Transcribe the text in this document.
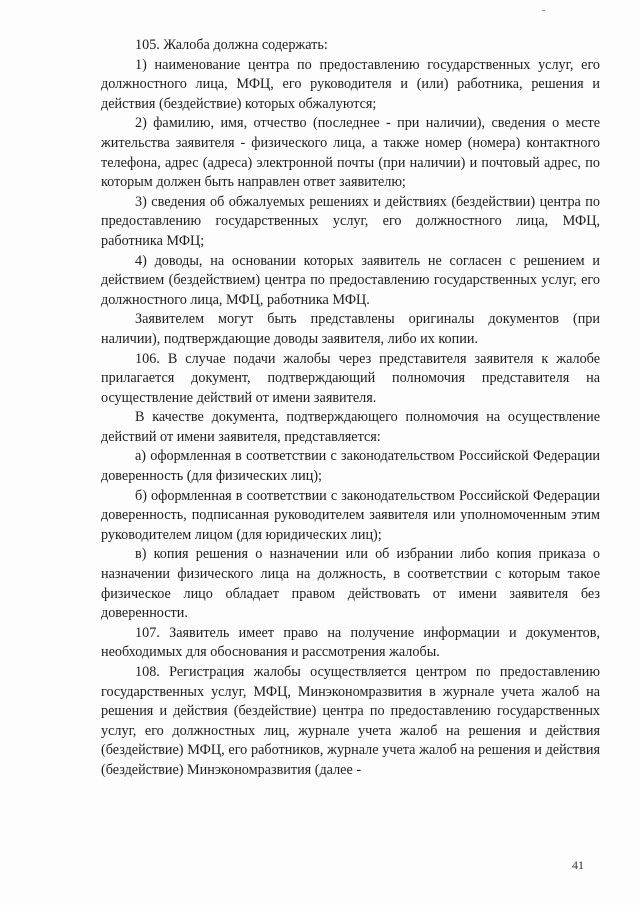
105. Жалоба должна содержать:

1) наименование центра по предоставлению государственных услуг, его должностного лица, МФЦ, его руководителя и (или) работника, решения и действия (бездействие) которых обжалуются;

2) фамилию, имя, отчество (последнее - при наличии), сведения о месте жительства заявителя - физического лица, а также номер (номера) контактного телефона, адрес (адреса) электронной почты (при наличии) и почтовый адрес, по которым должен быть направлен ответ заявителю;

3) сведения об обжалуемых решениях и действиях (бездействии) центра по предоставлению государственных услуг, его должностного лица, МФЦ, работника МФЦ;

4) доводы, на основании которых заявитель не согласен с решением и действием (бездействием) центра по предоставлению государственных услуг, его должностного лица, МФЦ, работника МФЦ.

Заявителем могут быть представлены оригиналы документов (при наличии), подтверждающие доводы заявителя, либо их копии.

106. В случае подачи жалобы через представителя заявителя к жалобе прилагается документ, подтверждающий полномочия представителя на осуществление действий от имени заявителя.

В качестве документа, подтверждающего полномочия на осуществление действий от имени заявителя, представляется:

а) оформленная в соответствии с законодательством Российской Федерации доверенность (для физических лиц);

б) оформленная в соответствии с законодательством Российской Федерации доверенность, подписанная руководителем заявителя или уполномоченным этим руководителем лицом (для юридических лиц);

в) копия решения о назначении или об избрании либо копия приказа о назначении физического лица на должность, в соответствии с которым такое физическое лицо обладает правом действовать от имени заявителя без доверенности.

107. Заявитель имеет право на получение информации и документов, необходимых для обоснования и рассмотрения жалобы.

108. Регистрация жалобы осуществляется центром по предоставлению государственных услуг, МФЦ, Минэкономразвития в журнале учета жалоб на решения и действия (бездействие) центра по предоставлению государственных услуг, его должностных лиц, журнале учета жалоб на решения и действия (бездействие) МФЦ, его работников, журнале учета жалоб на решения и действия (бездействие) Минэкономразвития (далее -

41
